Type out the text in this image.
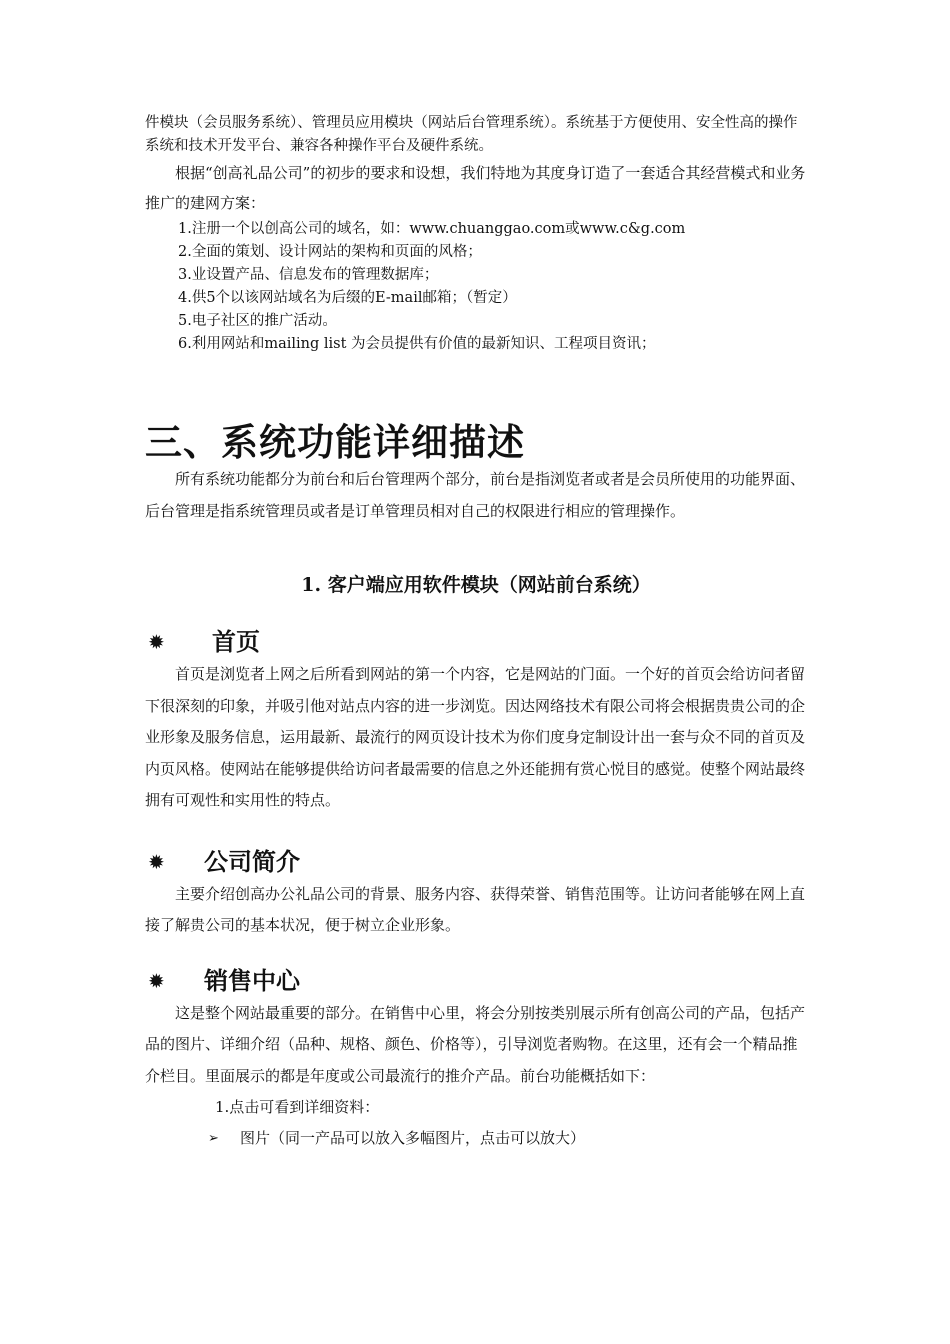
件模块（会员服务系统）、管理员应用模块（网站后台管理系统）。系统基于方便使用、安全性高的操作系统和技术开发平台、兼容各种操作平台及硬件系统。

根据“创高礼品公司”的初步的要求和设想，我们特地为其度身订造了一套适合其经营模式和业务推广的建网方案：

1.注册一个以创高公司的域名，如：www.chuanggao.com或www.c&g.com
2.全面的策划、设计网站的架构和页面的风格；
3.业设置产品、信息发布的管理数据库；
4.供5个以该网站域名为后缀的E-mail邮箱；（暂定）
5.电子社区的推广活动。
6.利用网站和mailing list 为会员提供有价值的最新知识、工程项目资讯；
三、系统功能详细描述

所有系统功能都分为前台和后台管理两个部分，前台是指浏览者或者是会员所使用的功能界面、后台管理是指系统管理员或者是订单管理员相对自己的权限进行相应的管理操作。

1. 客户端应用软件模块（网站前台系统）
✹	首页

首页是浏览者上网之后所看到网站的第一个内容，它是网站的门面。一个好的首页会给访问者留下很深刻的印象，并吸引他对站点内容的进一步浏览。因达网络技术有限公司将会根据贵贵公司的企业形象及服务信息，运用最新、最流行的网页设计技术为你们度身定制设计出一套与众不同的首页及内页风格。使网站在能够提供给访问者最需要的信息之外还能拥有赏心悦目的感觉。使整个网站最终拥有可观性和实用性的特点。

✹	公司简介

主要介绍创高办公礼品公司的背景、服务内容、获得荣誉、销售范围等。让访问者能够在网上直接了解贵公司的基本状况，便于树立企业形象。

✹	销售中心

这是整个网站最重要的部分。在销售中心里，将会分别按类别展示所有创高公司的产品，包括产品的图片、详细介绍（品种、规格、颜色、价格等），引导浏览者购物。在这里，还有会一个精品推介栏目。里面展示的都是年度或公司最流行的推介产品。前台功能概括如下：

1.点击可看到详细资料：

➢	图片（同一产品可以放入多幅图片，点击可以放大）
